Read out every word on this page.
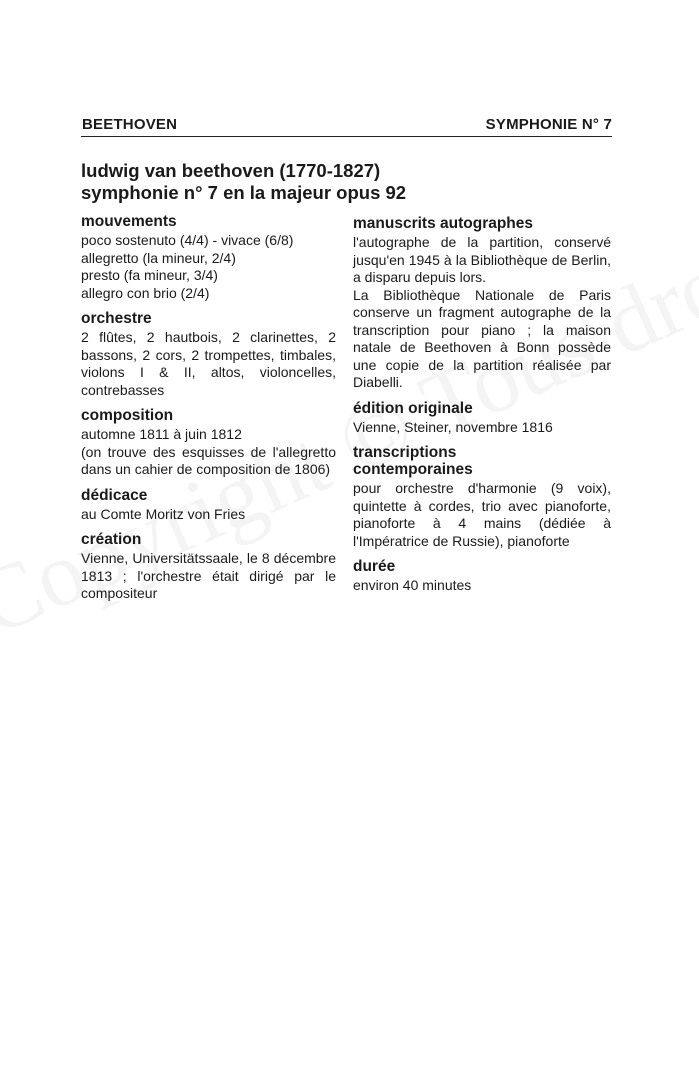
BEETHOVEN	SYMPHONIE N° 7
ludwig van beethoven (1770-1827)
symphonie n° 7 en la majeur opus 92
mouvements
poco sostenuto (4/4) - vivace (6/8)
allegretto (la mineur, 2/4)
presto (fa mineur, 3/4)
allegro con brio (2/4)
orchestre
2 flûtes, 2 hautbois, 2 clarinettes, 2 bassons, 2 cors, 2 trompettes, timbales, violons I & II, altos, violoncelles, contrebasses
composition
automne 1811 à juin 1812
(on trouve des esquisses de l'allegretto dans un cahier de composition de 1806)
dédicace
au Comte Moritz von Fries
création
Vienne, Universitätssaale, le 8 décembre 1813 ; l'orchestre était dirigé par le compositeur
manuscrits autographes
l'autographe de la partition, conservé jusqu'en 1945 à la Bibliothèque de Berlin, a disparu depuis lors.
La Bibliothèque Nationale de Paris conserve un fragment autographe de la transcription pour piano ; la maison natale de Beethoven à Bonn possède une copie de la partition réalisée par Diabelli.
édition originale
Vienne, Steiner, novembre 1816
transcriptions
contemporaines
pour orchestre d'harmonie (9 voix), quintette à cordes, trio avec pianoforte, pianoforte à 4 mains (dédiée à l'Impératrice de Russie), pianoforte
durée
environ 40 minutes
